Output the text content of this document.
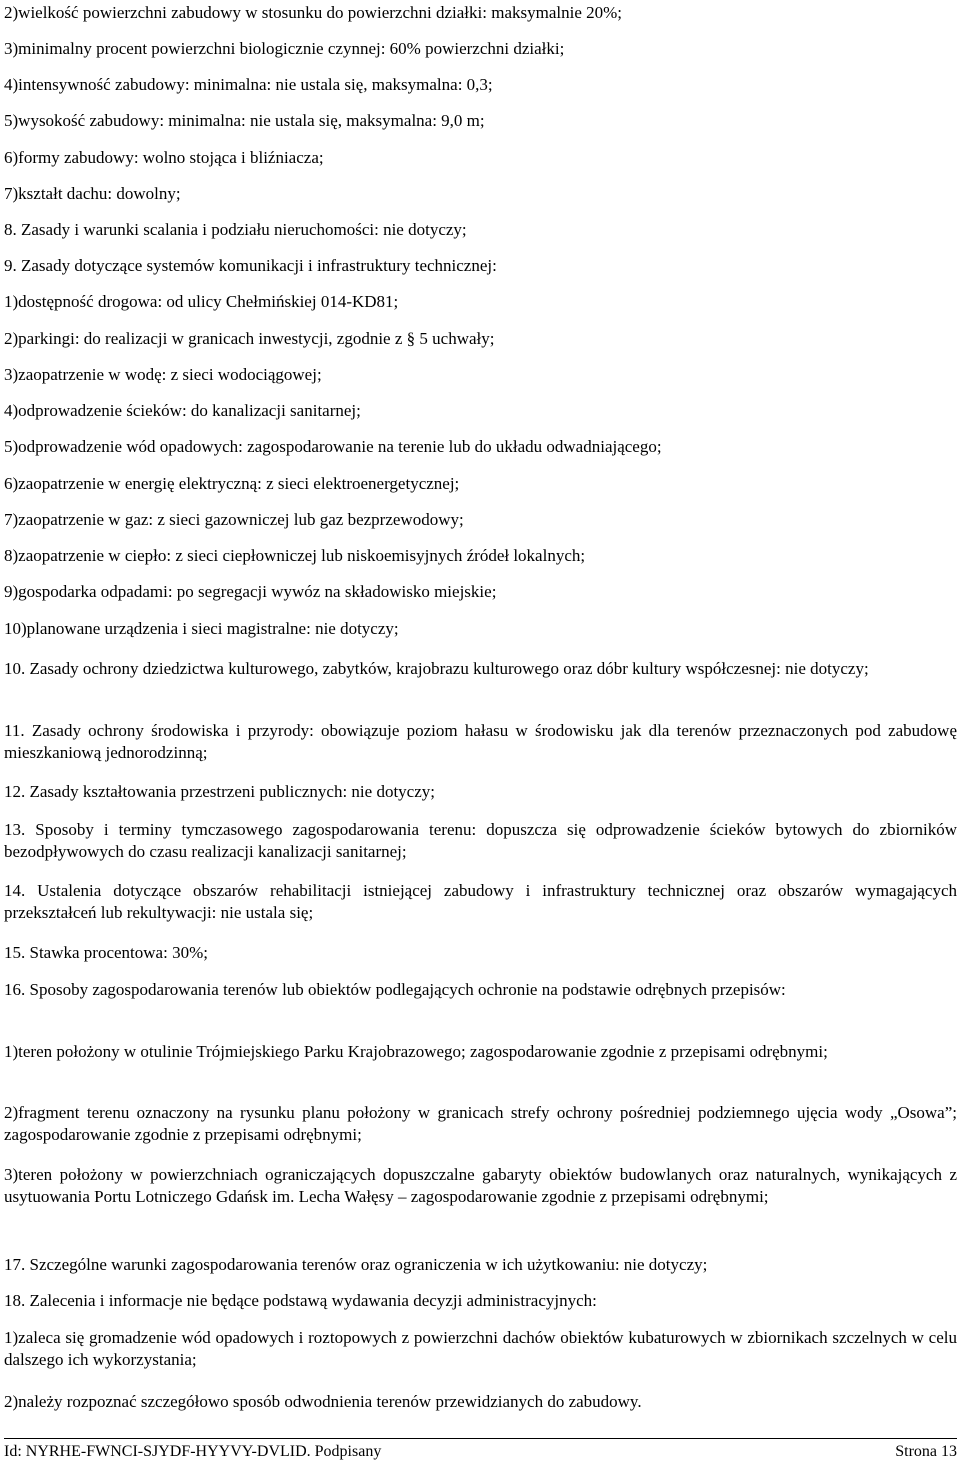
2)wielkość powierzchni zabudowy w stosunku do powierzchni działki: maksymalnie 20%;

3)minimalny procent powierzchni biologicznie czynnej: 60% powierzchni działki;

4)intensywność zabudowy: minimalna: nie ustala się, maksymalna: 0,3;

5)wysokość zabudowy: minimalna: nie ustala się, maksymalna: 9,0 m;

6)formy zabudowy: wolno stojąca i bliźniacza;

7)kształt dachu: dowolny;

8. Zasady i warunki scalania i podziału nieruchomości: nie dotyczy;

9. Zasady dotyczące systemów komunikacji i infrastruktury technicznej:

1)dostępność drogowa: od ulicy Chełmińskiej 014-KD81;

2)parkingi: do realizacji w granicach inwestycji, zgodnie z § 5 uchwały;

3)zaopatrzenie w wodę: z sieci wodociągowej;

4)odprowadzenie ścieków: do kanalizacji sanitarnej;

5)odprowadzenie wód opadowych: zagospodarowanie na terenie lub do układu odwadniającego;

6)zaopatrzenie w energię elektryczną: z sieci elektroenergetycznej;

7)zaopatrzenie w gaz: z sieci gazowniczej lub gaz bezprzewodowy;

8)zaopatrzenie w ciepło: z sieci ciepłowniczej lub niskoemisyjnych źródeł lokalnych;

9)gospodarka odpadami: po segregacji wywóz na składowisko miejskie;

10)planowane urządzenia i sieci magistralne: nie dotyczy;

10. Zasady ochrony dziedzictwa kulturowego, zabytków, krajobrazu kulturowego oraz dóbr kultury współczesnej: nie dotyczy;

11. Zasady ochrony środowiska i przyrody: obowiązuje poziom hałasu w środowisku jak dla terenów przeznaczonych pod zabudowę mieszkaniową jednorodzinną;

12. Zasady kształtowania przestrzeni publicznych: nie dotyczy;

13. Sposoby i terminy tymczasowego zagospodarowania terenu: dopuszcza się odprowadzenie ścieków bytowych do zbiorników bezodpływowych do czasu realizacji kanalizacji sanitarnej;

14. Ustalenia dotyczące obszarów rehabilitacji istniejącej zabudowy i infrastruktury technicznej oraz obszarów wymagających przekształceń lub rekultywacji: nie ustala się;

15. Stawka procentowa: 30%;

16. Sposoby zagospodarowania terenów lub obiektów podlegających ochronie na podstawie odrębnych przepisów:

1)teren położony w otulinie Trójmiejskiego Parku Krajobrazowego; zagospodarowanie zgodnie z przepisami odrębnymi;

2)fragment terenu oznaczony na rysunku planu położony w granicach strefy ochrony pośredniej podziemnego ujęcia wody „Osowa”; zagospodarowanie zgodnie z przepisami odrębnymi;

3)teren położony w powierzchniach ograniczających dopuszczalne gabaryty obiektów budowlanych oraz naturalnych, wynikających z usytuowania Portu Lotniczego Gdańsk im. Lecha Wałęsy – zagospodarowanie zgodnie z przepisami odrębnymi;

17. Szczególne warunki zagospodarowania terenów oraz ograniczenia w ich użytkowaniu: nie dotyczy;

18. Zalecenia i informacje nie będące podstawą wydawania decyzji administracyjnych:

1)zaleca się gromadzenie wód opadowych i roztopowych z powierzchni dachów obiektów kubaturowych w zbiornikach szczelnych w celu dalszego ich wykorzystania;

2)należy rozpoznać szczegółowo sposób odwodnienia terenów przewidzianych do zabudowy.

Id: NYRHE-FWNCI-SJYDF-HYYVY-DVLID. Podpisany	Strona 13
